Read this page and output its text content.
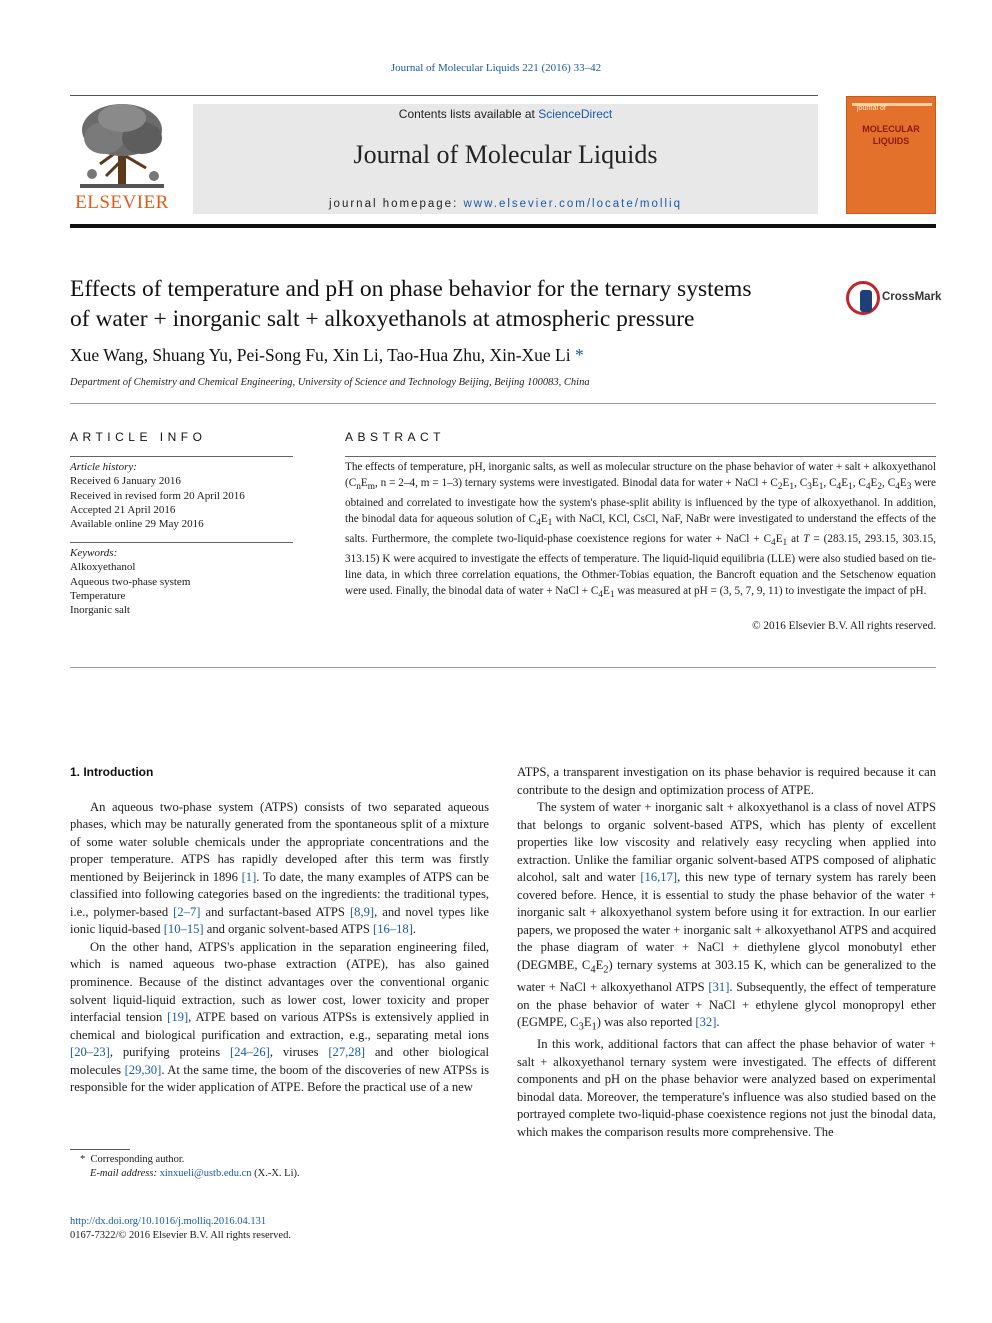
Journal of Molecular Liquids 221 (2016) 33–42
ELSEVIER
Contents lists available at ScienceDirect
Journal of Molecular Liquids
journal homepage: www.elsevier.com/locate/molliq
journal of
MOLECULAR
LIQUIDS
Effects of temperature and pH on phase behavior for the ternary systems
of water + inorganic salt + alkoxyethanols at atmospheric pressure
CrossMark
Xue Wang, Shuang Yu, Pei-Song Fu, Xin Li, Tao-Hua Zhu, Xin-Xue Li *
Department of Chemistry and Chemical Engineering, University of Science and Technology Beijing, Beijing 100083, China
ARTICLE INFO
Article history:
Received 6 January 2016
Received in revised form 20 April 2016
Accepted 21 April 2016
Available online 29 May 2016
Keywords:
Alkoxyethanol
Aqueous two-phase system
Temperature
Inorganic salt
ABSTRACT
The effects of temperature, pH, inorganic salts, as well as molecular structure on the phase behavior of water + salt + alkoxyethanol ($C_nE_m$, n = 2–4, m = 1–3) ternary systems were investigated. Binodal data for water + NaCl + $C_2E_1$, $C_3E_1$, $C_4E_1$, $C_4E_2$, $C_4E_3$ were obtained and correlated to investigate how the system's phase-split ability is influenced by the type of alkoxyethanol. In addition, the binodal data for aqueous solution of $C_4E_1$ with NaCl, KCl, CsCl, NaF, NaBr were investigated to understand the effects of the salts. Furthermore, the complete two-liquid-phase coexistence regions for water + NaCl + $C_4E_1$ at T = (283.15, 293.15, 303.15, 313.15) K were acquired to investigate the effects of temperature. The liquid-liquid equilibria (LLE) were also studied based on tie-line data, in which three correlation equations, the Othmer-Tobias equation, the Bancroft equation and the Setschenow equation were used. Finally, the binodal data of water + NaCl + $C_4E_1$ was measured at pH = (3, 5, 7, 9, 11) to investigate the impact of pH.
© 2016 Elsevier B.V. All rights reserved.
1. Introduction

An aqueous two-phase system (ATPS) consists of two separated aqueous phases, which may be naturally generated from the spontaneous split of a mixture of some water soluble chemicals under the appropriate concentrations and the proper temperature. ATPS has rapidly developed after this term was firstly mentioned by Beijerinck in 1896 [1]. To date, the many examples of ATPS can be classified into following categories based on the ingredients: the traditional types, i.e., polymer-based [2–7] and surfactant-based ATPS [8,9], and novel types like ionic liquid-based [10–15] and organic solvent-based ATPS [16–18].

On the other hand, ATPS's application in the separation engineering filed, which is named aqueous two-phase extraction (ATPE), has also gained prominence. Because of the distinct advantages over the conventional organic solvent liquid-liquid extraction, such as lower cost, lower toxicity and proper interfacial tension [19], ATPE based on various ATPSs is extensively applied in chemical and biological purification and extraction, e.g., separating metal ions [20–23], purifying proteins [24–26], viruses [27,28] and other biological molecules [29,30]. At the same time, the boom of the discoveries of new ATPSs is responsible for the wider application of ATPE. Before the practical use of a new

ATPS, a transparent investigation on its phase behavior is required because it can contribute to the design and optimization process of ATPE.

The system of water + inorganic salt + alkoxyethanol is a class of novel ATPS that belongs to organic solvent-based ATPS, which has plenty of excellent properties like low viscosity and relatively easy recycling when applied into extraction. Unlike the familiar organic solvent-based ATPS composed of aliphatic alcohol, salt and water [16,17], this new type of ternary system has rarely been covered before. Hence, it is essential to study the phase behavior of the water + inorganic salt + alkoxyethanol system before using it for extraction. In our earlier papers, we proposed the water + inorganic salt + alkoxyethanol ATPS and acquired the phase diagram of water + NaCl + diethylene glycol monobutyl ether (DEGMBE, $C_4E_2$) ternary systems at 303.15 K, which can be generalized to the water + NaCl + alkoxyethanol ATPS [31]. Subsequently, the effect of temperature on the phase behavior of water + NaCl + ethylene glycol monopropyl ether (EGMPE, $C_3E_1$) was also reported [32].

In this work, additional factors that can affect the phase behavior of water + salt + alkoxyethanol ternary system were investigated. The effects of different components and pH on the phase behavior were analyzed based on experimental binodal data. Moreover, the temperature's influence was also studied based on the portrayed complete two-liquid-phase coexistence regions not just the binodal data, which makes the comparison results more comprehensive. The

* Corresponding author.
E-mail address: xinxueli@ustb.edu.cn (X.-X. Li).
http://dx.doi.org/10.1016/j.molliq.2016.04.131
0167-7322/© 2016 Elsevier B.V. All rights reserved.
